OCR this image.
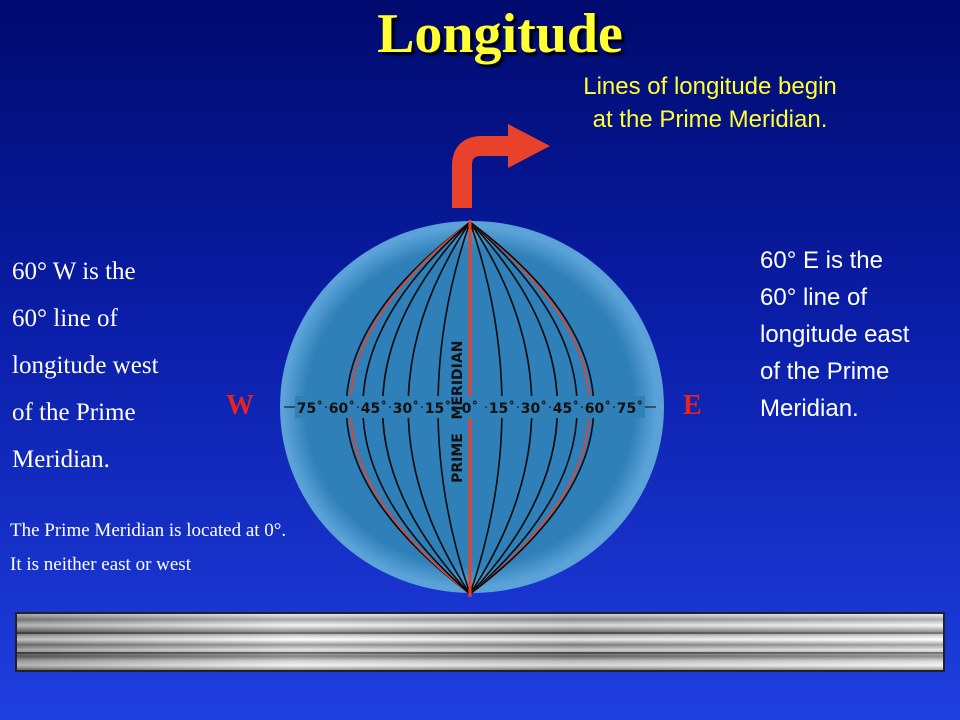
Longitude
Lines of longitude begin
at the Prime Meridian.
60° W is the
60° line of
longitude west
of the Prime
Meridian.

The Prime Meridian is located at 0°.

It is neither east or west

60° E is the
60° line of
longitude east
of the Prime
Meridian.
W	E
75˚ 60˚ 45˚ 30˚ 15˚ 0˚ 15˚ 30˚ 45˚ 60˚ 75˚
MERIDIAN
PRIME
